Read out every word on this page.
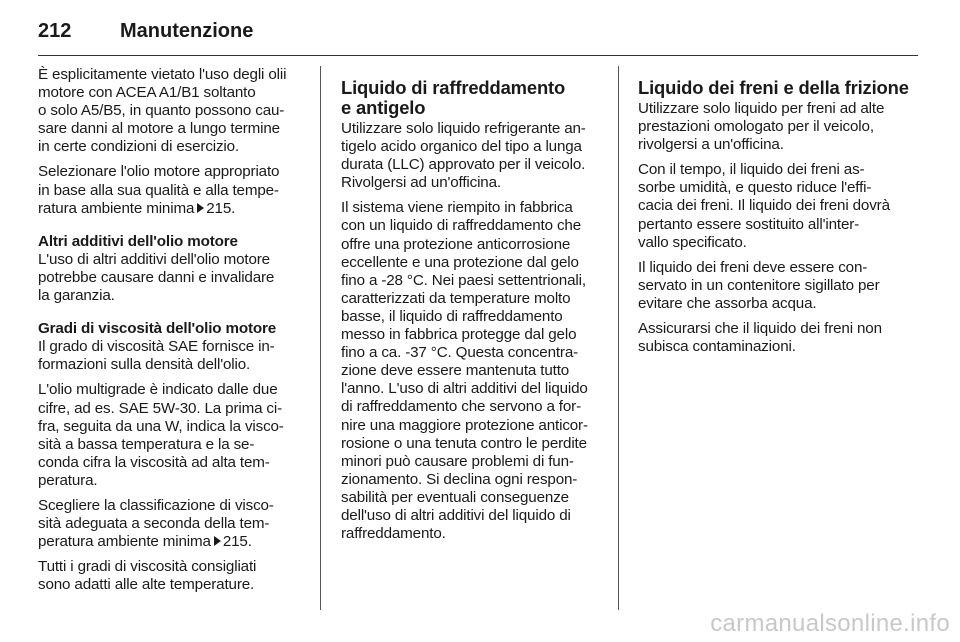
212	Manutenzione

È esplicitamente vietato l'uso degli olii
motore con ACEA A1/B1 soltanto
o solo A5/B5, in quanto possono cau-
sare danni al motore a lungo termine
in certe condizioni di esercizio.

Selezionare l'olio motore appropriato
in base alla sua qualità e alla tempe-
ratura ambiente minima 215.

Altri additivi dell'olio motore

L'uso di altri additivi dell'olio motore
potrebbe causare danni e invalidare
la garanzia.

Gradi di viscosità dell'olio motore

Il grado di viscosità SAE fornisce in-
formazioni sulla densità dell'olio.

L'olio multigrade è indicato dalle due
cifre, ad es. SAE 5W-30. La prima ci-
fra, seguita da una W, indica la visco-
sità a bassa temperatura e la se-
conda cifra la viscosità ad alta tem-
peratura.

Scegliere la classificazione di visco-
sità adeguata a seconda della tem-
peratura ambiente minima 215.

Tutti i gradi di viscosità consigliati
sono adatti alle alte temperature.

Liquido di raffreddamento
e antigelo

Utilizzare solo liquido refrigerante an-
tigelo acido organico del tipo a lunga
durata (LLC) approvato per il veicolo.
Rivolgersi ad un'officina.

Il sistema viene riempito in fabbrica
con un liquido di raffreddamento che
offre una protezione anticorrosione
eccellente e una protezione dal gelo
fino a -28 °C. Nei paesi settentrionali,
caratterizzati da temperature molto
basse, il liquido di raffreddamento
messo in fabbrica protegge dal gelo
fino a ca. -37 °C. Questa concentra-
zione deve essere mantenuta tutto
l'anno. L'uso di altri additivi del liquido
di raffreddamento che servono a for-
nire una maggiore protezione anticor-
rosione o una tenuta contro le perdite
minori può causare problemi di fun-
zionamento. Si declina ogni respon-
sabilità per eventuali conseguenze
dell'uso di altri additivi del liquido di
raffreddamento.

Liquido dei freni e della frizione

Utilizzare solo liquido per freni ad alte
prestazioni omologato per il veicolo,
rivolgersi a un'officina.

Con il tempo, il liquido dei freni as-
sorbe umidità, e questo riduce l'effi-
cacia dei freni. Il liquido dei freni dovrà
pertanto essere sostituito all'inter-
vallo specificato.

Il liquido dei freni deve essere con-
servato in un contenitore sigillato per
evitare che assorba acqua.

Assicurarsi che il liquido dei freni non
subisca contaminazioni.

carmanualsonline.info
